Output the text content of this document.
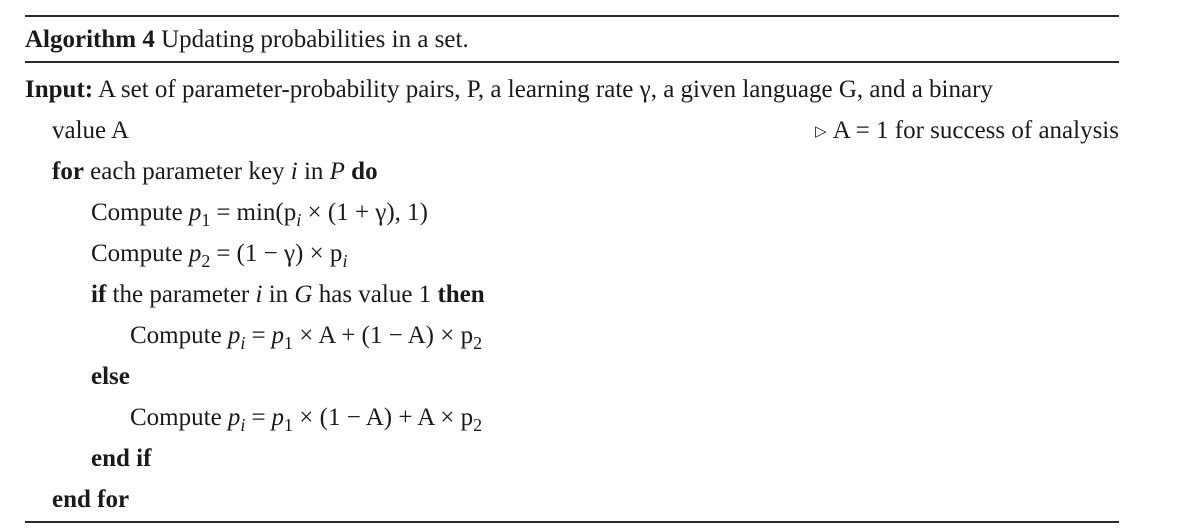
Algorithm 4 Updating probabilities in a set.
Input: A set of parameter-probability pairs, P, a learning rate γ, a given language G, and a binary
value A	▷ A = 1 for success of analysis
for each parameter key i in P do
Compute $p_1 = \min(p_i \times (1 + \gamma)$, 1)
Compute $p_2 = (1 - \gamma) \times p_i$
if the parameter i in G has value 1 then
Compute $p_i = p_1 \times A + (1 - A) \times p_2$
else
Compute $p_i = p_1 \times (1 - A) + A \times p_2$
end if
end for
